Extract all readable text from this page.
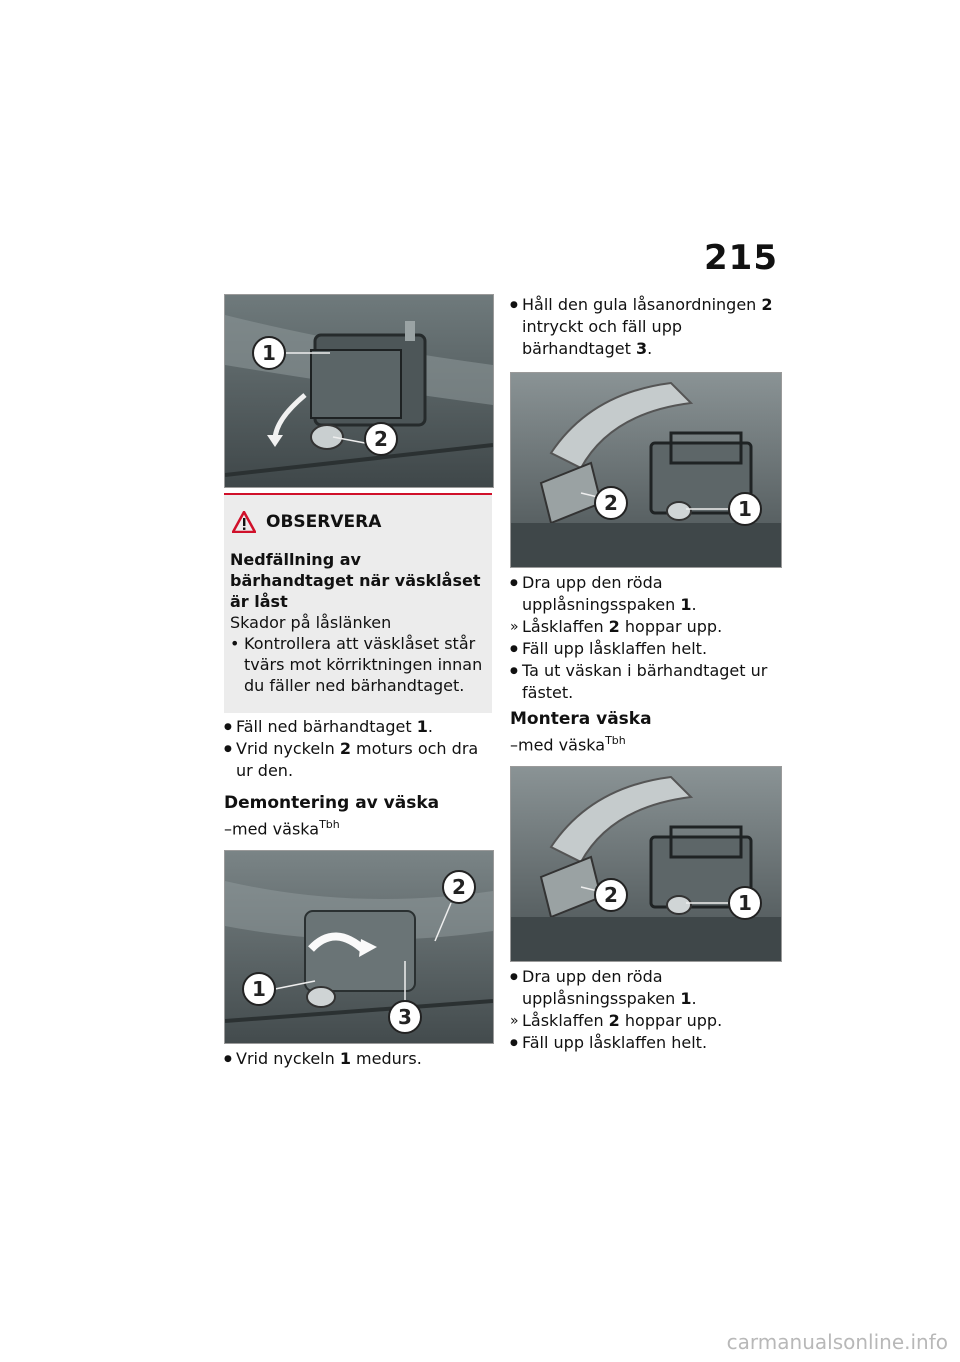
215
1
2
OBSERVERA

Nedfällning av bärhandtaget när väsklåset är låst

Skador på låslänken

• Kontrollera att väsklåset står tvärs mot körriktningen innan du fäller ned bärhandtaget.

● Fäll ned bärhandtaget 1.

● Vrid nyckeln 2 moturs och dra ur den.

Demontering av väska

–med väska$^{Tbh}$

1
2
3

● Vrid nyckeln 1 medurs.

● Håll den gula låsanordningen 2 intryckt och fäll upp bärhandtaget 3.

2	1

● Dra upp den röda upplåsningsspaken 1.

» Låsklaffen 2 hoppar upp.

● Fäll upp låsklaffen helt.

● Ta ut väskan i bärhandtaget ur fästet.

Montera väska

–med väska$^{Tbh}$

2	1

● Dra upp den röda upplåsningsspaken 1.

» Låsklaffen 2 hoppar upp.

● Fäll upp låsklaffen helt.

carmanualsonline.info
